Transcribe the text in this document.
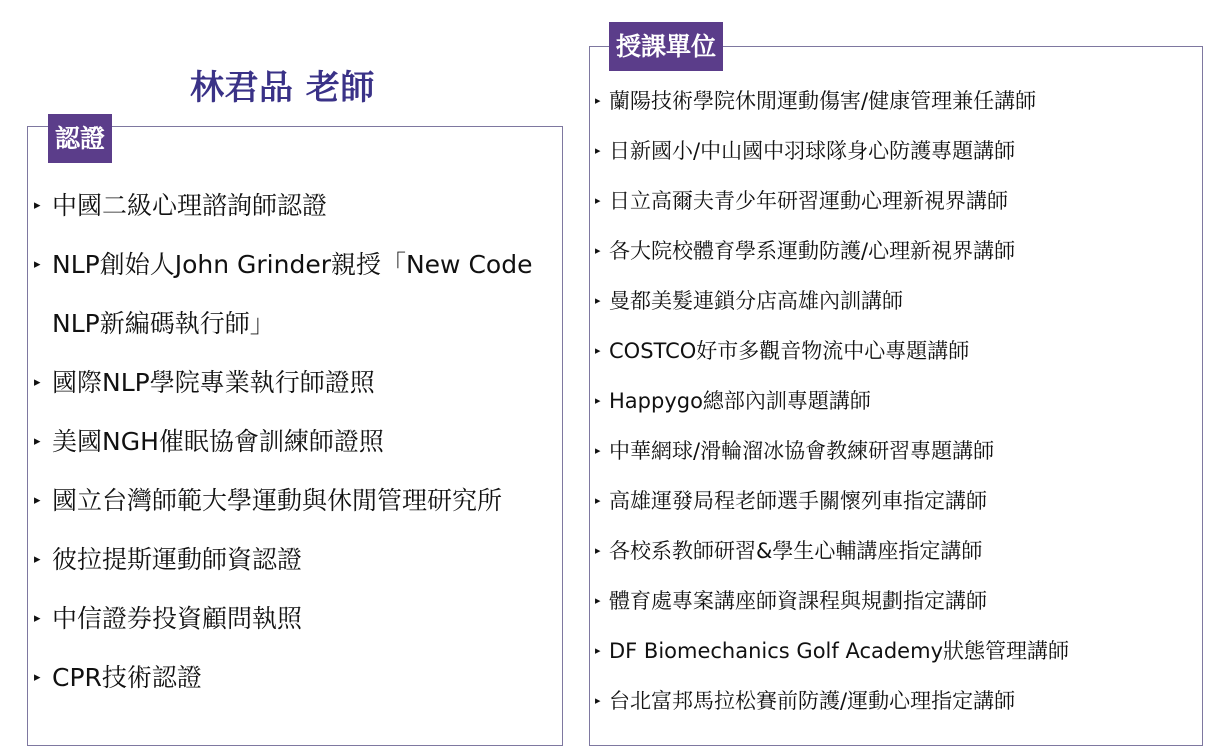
林君品 老師
認證
▸ 中國二級心理諮詢師認證
▸ NLP創始人John Grinder親授「New Code NLP新編碼執行師」
▸ 國際NLP學院專業執行師證照
▸ 美國NGH催眠協會訓練師證照
▸ 國立台灣師範大學運動與休閒管理研究所
▸ 彼拉提斯運動師資認證
▸ 中信證券投資顧問執照
▸ CPR技術認證
授課單位
▸ 蘭陽技術學院休閒運動傷害/健康管理兼任講師
▸ 日新國小/中山國中羽球隊身心防護專題講師
▸ 日立高爾夫青少年研習運動心理新視界講師
▸ 各大院校體育學系運動防護/心理新視界講師
▸ 曼都美髮連鎖分店高雄內訓講師
▸ COSTCO好市多觀音物流中心專題講師
▸ Happygo總部內訓專題講師
▸ 中華網球/滑輪溜冰協會教練研習專題講師
▸ 高雄運發局程老師選手關懷列車指定講師
▸ 各校系教師研習&學生心輔講座指定講師
▸ 體育處專案講座師資課程與規劃指定講師
▸ DF Biomechanics Golf Academy狀態管理講師
▸ 台北富邦馬拉松賽前防護/運動心理指定講師
